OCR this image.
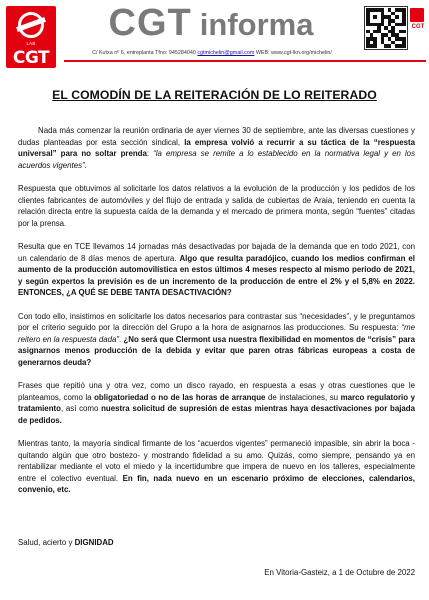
LAB
CGT
CGT informa
C/ Kutxa nº 6, entreplanta Tfno: 945284040 cgtmichelin@gmail.com WEB: www.cgt-lkn.org/michelin/
CGT
EL COMODÍN DE LA REITERACIÓN DE LO REITERADO

Nada más comenzar la reunión ordinaria de ayer viernes 30 de septiembre, ante las diversas cuestiones y dudas planteadas por esta sección sindical, la empresa volvió a recurrir a su táctica de la “respuesta universal” para no soltar prenda: “la empresa se remite a lo establecido en la normativa legal y en los acuerdos vigentes”.

Respuesta que obtuvimos al solicitarle los datos relativos a la evolución de la producción y los pedidos de los clientes fabricantes de automóviles y del flujo de entrada y salida de cubiertas de Araia, teniendo en cuenta la relación directa entre la supuesta caída de la demanda y el mercado de primera monta, según “fuentes” citadas por la prensa.

Resulta que en TCE llevamos 14 jornadas más desactivadas por bajada de la demanda que en todo 2021, con un calendario de 8 días menos de apertura. Algo que resulta paradójico, cuando los medios confirman el aumento de la producción automovilística en estos últimos 4 meses respecto al mismo periodo de 2021, y según expertos la previsión es de un incremento de la producción de entre el 2% y el 5,8% en 2022. ENTONCES, ¿A QUÉ SE DEBE TANTA DESACTIVACIÓN?

Con todo ello, insistimos en solicitarle los datos necesarios para contrastar sus “necesidades”, y le preguntamos por el criterio seguido por la dirección del Grupo a la hora de asignarnos las producciones. Su respuesta: “me reitero en la respuesta dada”. ¿No será que Clermont usa nuestra flexibilidad en momentos de “crisis” para asignarnos menos producción de la debida y evitar que paren otras fábricas europeas a costa de generarnos deuda?

Frases que repitió una y otra vez, como un disco rayado, en respuesta a esas y otras cuestiones que le planteamos, como la obligatoriedad o no de las horas de arranque de instalaciones, su marco regulatorio y tratamiento, así como nuestra solicitud de supresión de estas mientras haya desactivaciones por bajada de pedidos.

Mientras tanto, la mayoría sindical firmante de los “acuerdos vigentes” permaneció impasible, sin abrir la boca -quitando algún que otro bostezo- y mostrando fidelidad a su amo. Quizás, como siempre, pensando ya en rentabilizar mediante el voto el miedo y la incertidumbre que impera de nuevo en los talleres, especialmente entre el colectivo eventual. En fin, nada nuevo en un escenario próximo de elecciones, calendarios, convenio, etc.

Salud, acierto y DIGNIDAD
En Vitoria-Gasteiz, a 1 de Octubre de 2022
